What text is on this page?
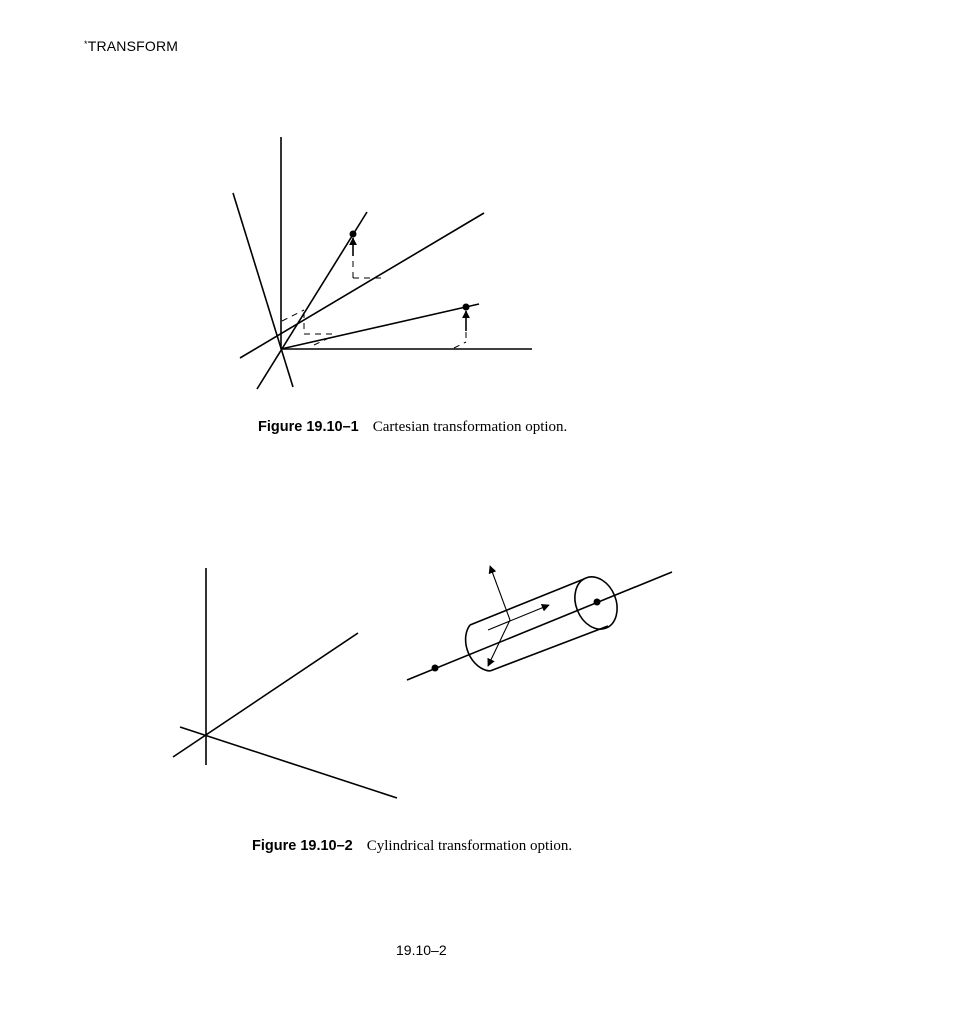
*TRANSFORM
Figure 19.10–1 Cartesian transformation option.
Figure 19.10–2 Cylindrical transformation option.
19.10–2
